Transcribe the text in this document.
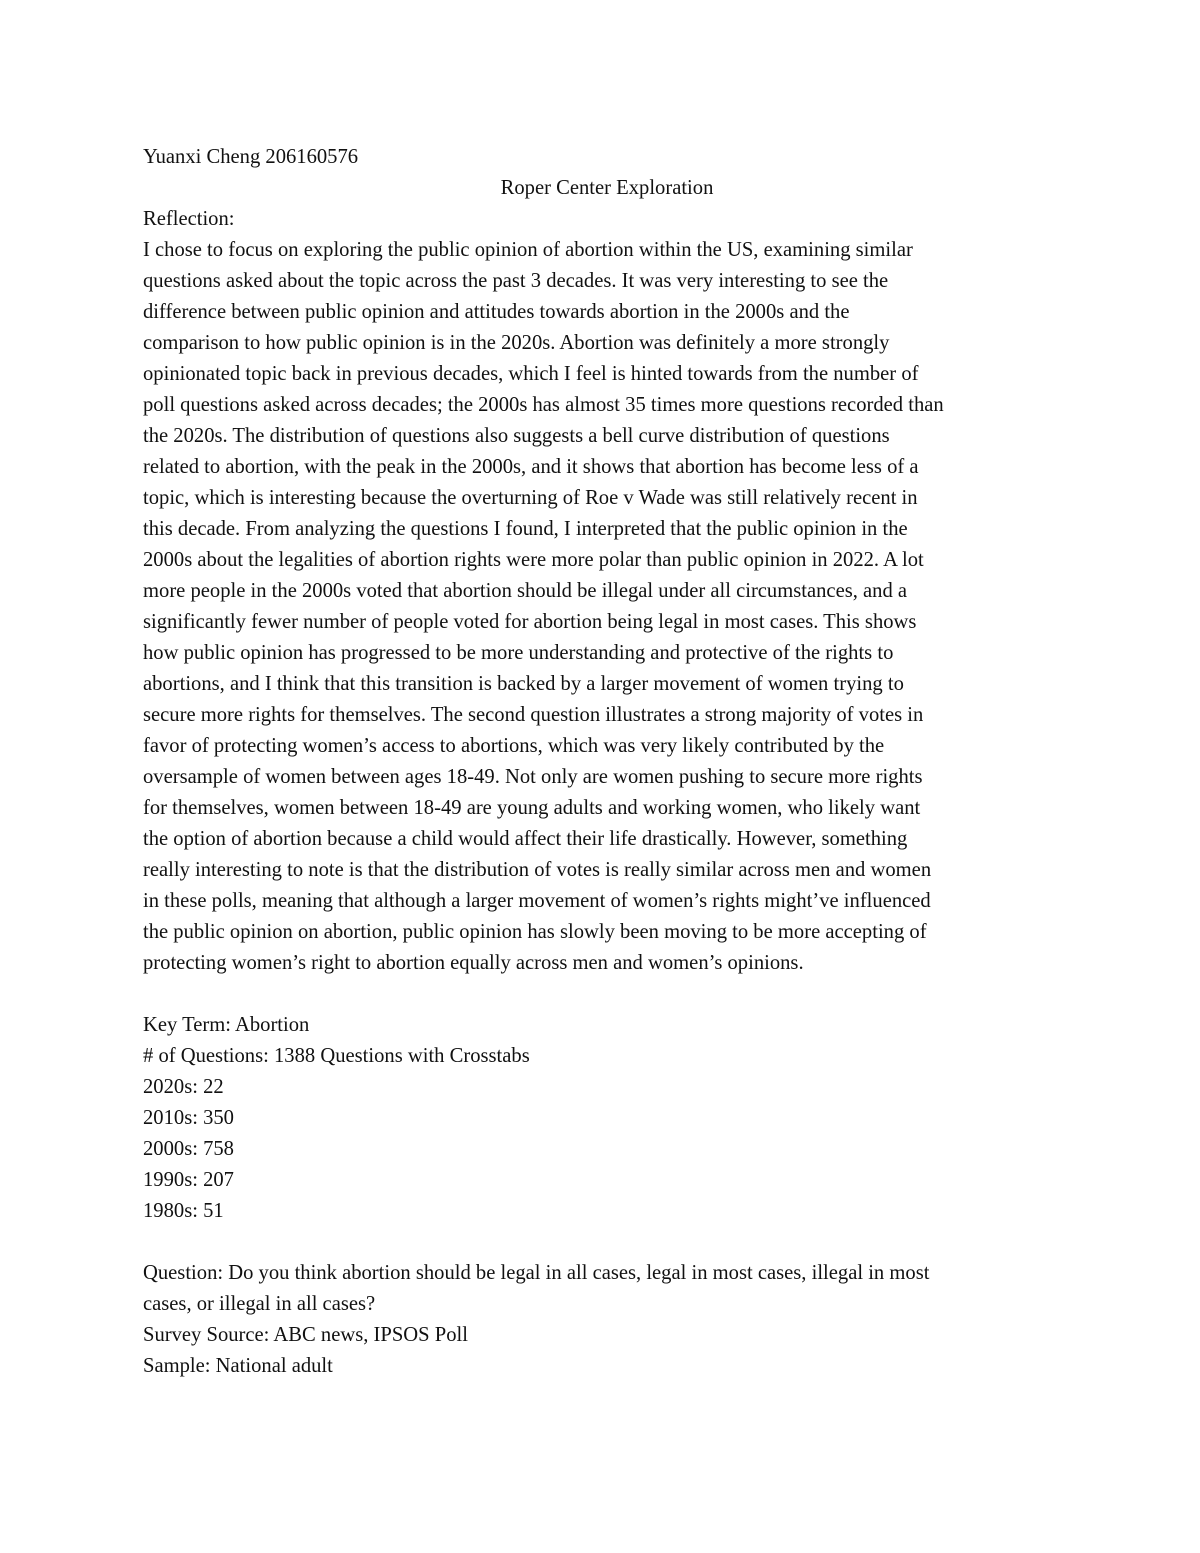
Yuanxi Cheng 206160576
Roper Center Exploration
Reflection:
I chose to focus on exploring the public opinion of abortion within the US, examining similar
questions asked about the topic across the past 3 decades. It was very interesting to see the
difference between public opinion and attitudes towards abortion in the 2000s and the
comparison to how public opinion is in the 2020s. Abortion was definitely a more strongly
opinionated topic back in previous decades, which I feel is hinted towards from the number of
poll questions asked across decades; the 2000s has almost 35 times more questions recorded than
the 2020s. The distribution of questions also suggests a bell curve distribution of questions
related to abortion, with the peak in the 2000s, and it shows that abortion has become less of a
topic, which is interesting because the overturning of Roe v Wade was still relatively recent in
this decade. From analyzing the questions I found, I interpreted that the public opinion in the
2000s about the legalities of abortion rights were more polar than public opinion in 2022. A lot
more people in the 2000s voted that abortion should be illegal under all circumstances, and a
significantly fewer number of people voted for abortion being legal in most cases. This shows
how public opinion has progressed to be more understanding and protective of the rights to
abortions, and I think that this transition is backed by a larger movement of women trying to
secure more rights for themselves. The second question illustrates a strong majority of votes in
favor of protecting women’s access to abortions, which was very likely contributed by the
oversample of women between ages 18-49. Not only are women pushing to secure more rights
for themselves, women between 18-49 are young adults and working women, who likely want
the option of abortion because a child would affect their life drastically. However, something
really interesting to note is that the distribution of votes is really similar across men and women
in these polls, meaning that although a larger movement of women’s rights might’ve influenced
the public opinion on abortion, public opinion has slowly been moving to be more accepting of
protecting women’s right to abortion equally across men and women’s opinions.
Key Term: Abortion
# of Questions: 1388 Questions with Crosstabs
2020s: 22
2010s: 350
2000s: 758
1990s: 207
1980s: 51
Question: Do you think abortion should be legal in all cases, legal in most cases, illegal in most
cases, or illegal in all cases?
Survey Source: ABC news, IPSOS Poll
Sample: National adult
